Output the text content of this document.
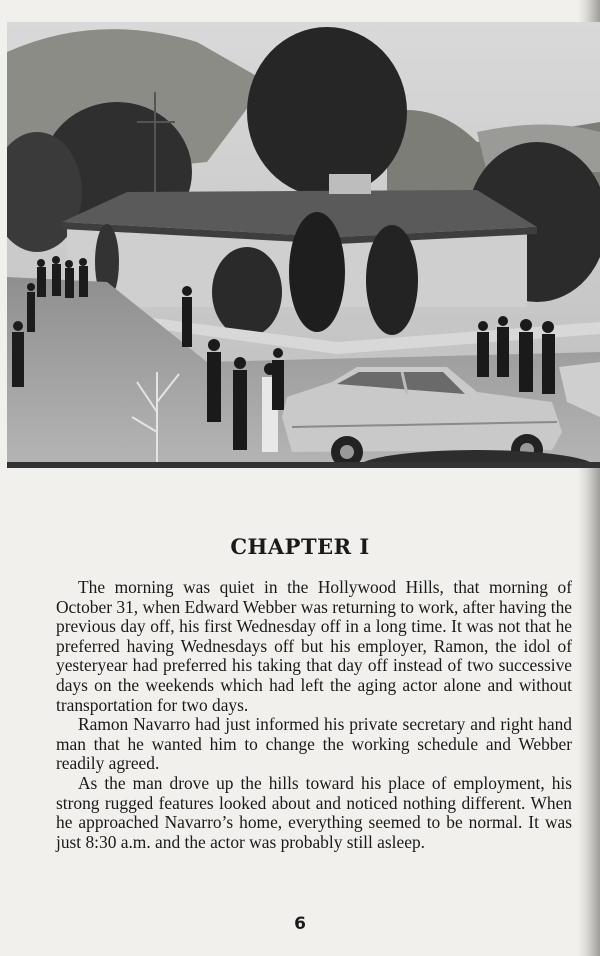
CHAPTER I

The morning was quiet in the Hollywood Hills, that morning of October 31, when Edward Webber was returning to work, after having the previous day off, his first Wednesday off in a long time. It was not that he preferred having Wednesdays off but his employer, Ramon, the idol of yesteryear had preferred his taking that day off instead of two successive days on the weekends which had left the aging actor alone and without transportation for two days.

Ramon Navarro had just informed his private secretary and right hand man that he wanted him to change the working schedule and Webber readily agreed.

As the man drove up the hills toward his place of employment, his strong rugged features looked about and noticed nothing different. When he approached Navarro’s home, everything seemed to be normal. It was just 8:30 a.m. and the actor was probably still asleep.

6
